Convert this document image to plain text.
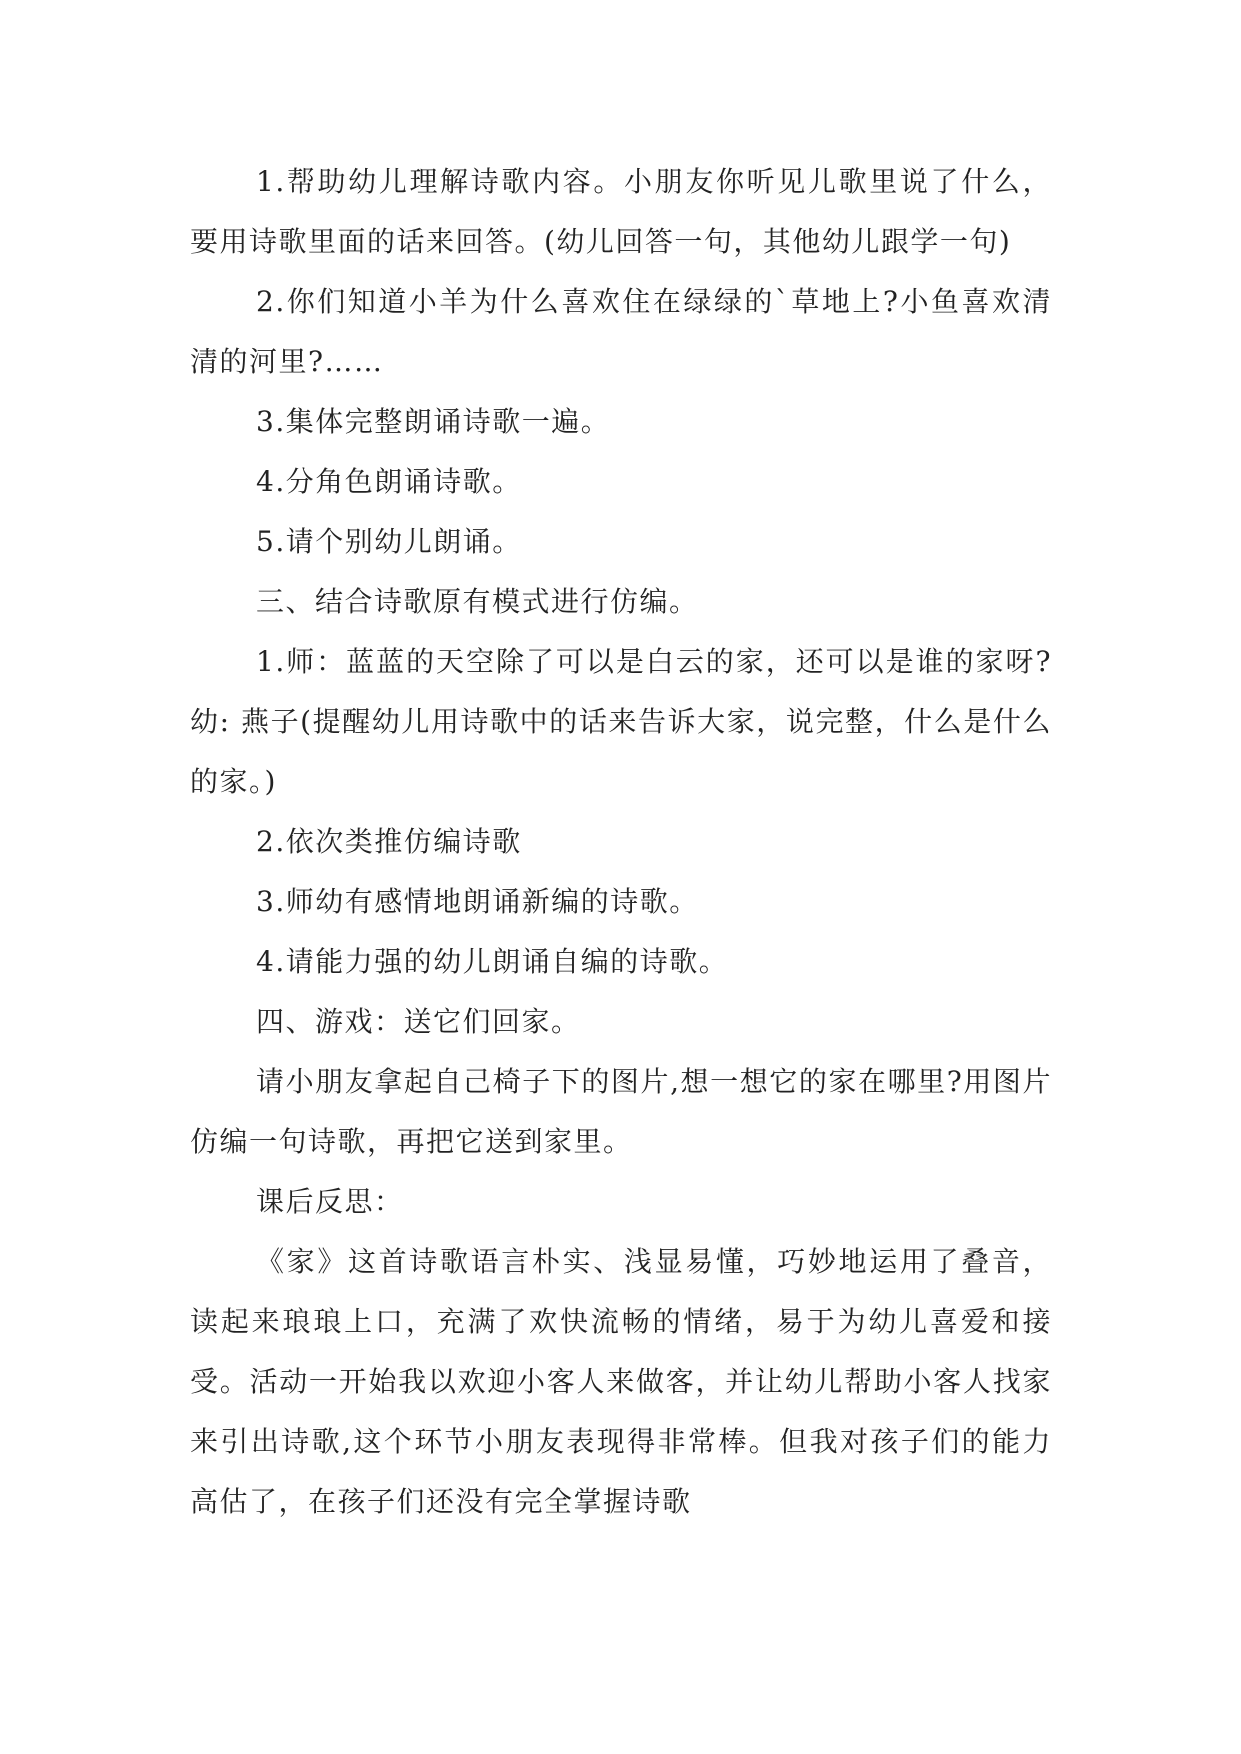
1.帮助幼儿理解诗歌内容。小朋友你听见儿歌里说了什么，要用诗歌里面的话来回答。(幼儿回答一句，其他幼儿跟学一句)

2.你们知道小羊为什么喜欢住在绿绿的`草地上?小鱼喜欢清清的河里?……

3.集体完整朗诵诗歌一遍。

4.分角色朗诵诗歌。

5.请个别幼儿朗诵。

三、结合诗歌原有模式进行仿编。

1.师：蓝蓝的天空除了可以是白云的家，还可以是谁的家呀?幼: 燕子(提醒幼儿用诗歌中的话来告诉大家，说完整，什么是什么的家。)

2.依次类推仿编诗歌

3.师幼有感情地朗诵新编的诗歌。

4.请能力强的幼儿朗诵自编的诗歌。

四、游戏：送它们回家。

请小朋友拿起自己椅子下的图片,想一想它的家在哪里?用图片仿编一句诗歌，再把它送到家里。

课后反思：

《家》这首诗歌语言朴实、浅显易懂，巧妙地运用了叠音，读起来琅琅上口，充满了欢快流畅的情绪，易于为幼儿喜爱和接受。活动一开始我以欢迎小客人来做客，并让幼儿帮助小客人找家来引出诗歌,这个环节小朋友表现得非常棒。但我对孩子们的能力高估了，在孩子们还没有完全掌握诗歌
